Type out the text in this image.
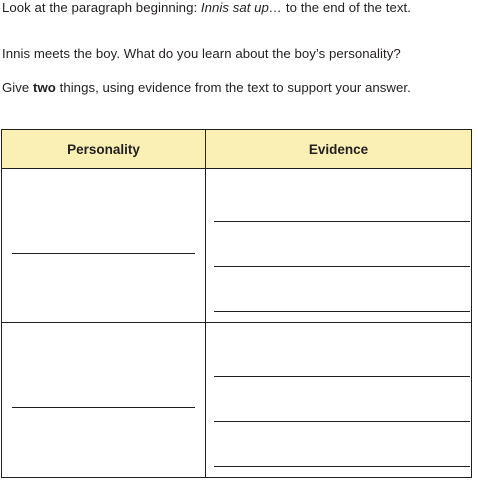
Look at the paragraph beginning: Innis sat up… to the end of the text.

Innis meets the boy. What do you learn about the boy’s personality?

Give two things, using evidence from the text to support your answer.

Personality	Evidence
